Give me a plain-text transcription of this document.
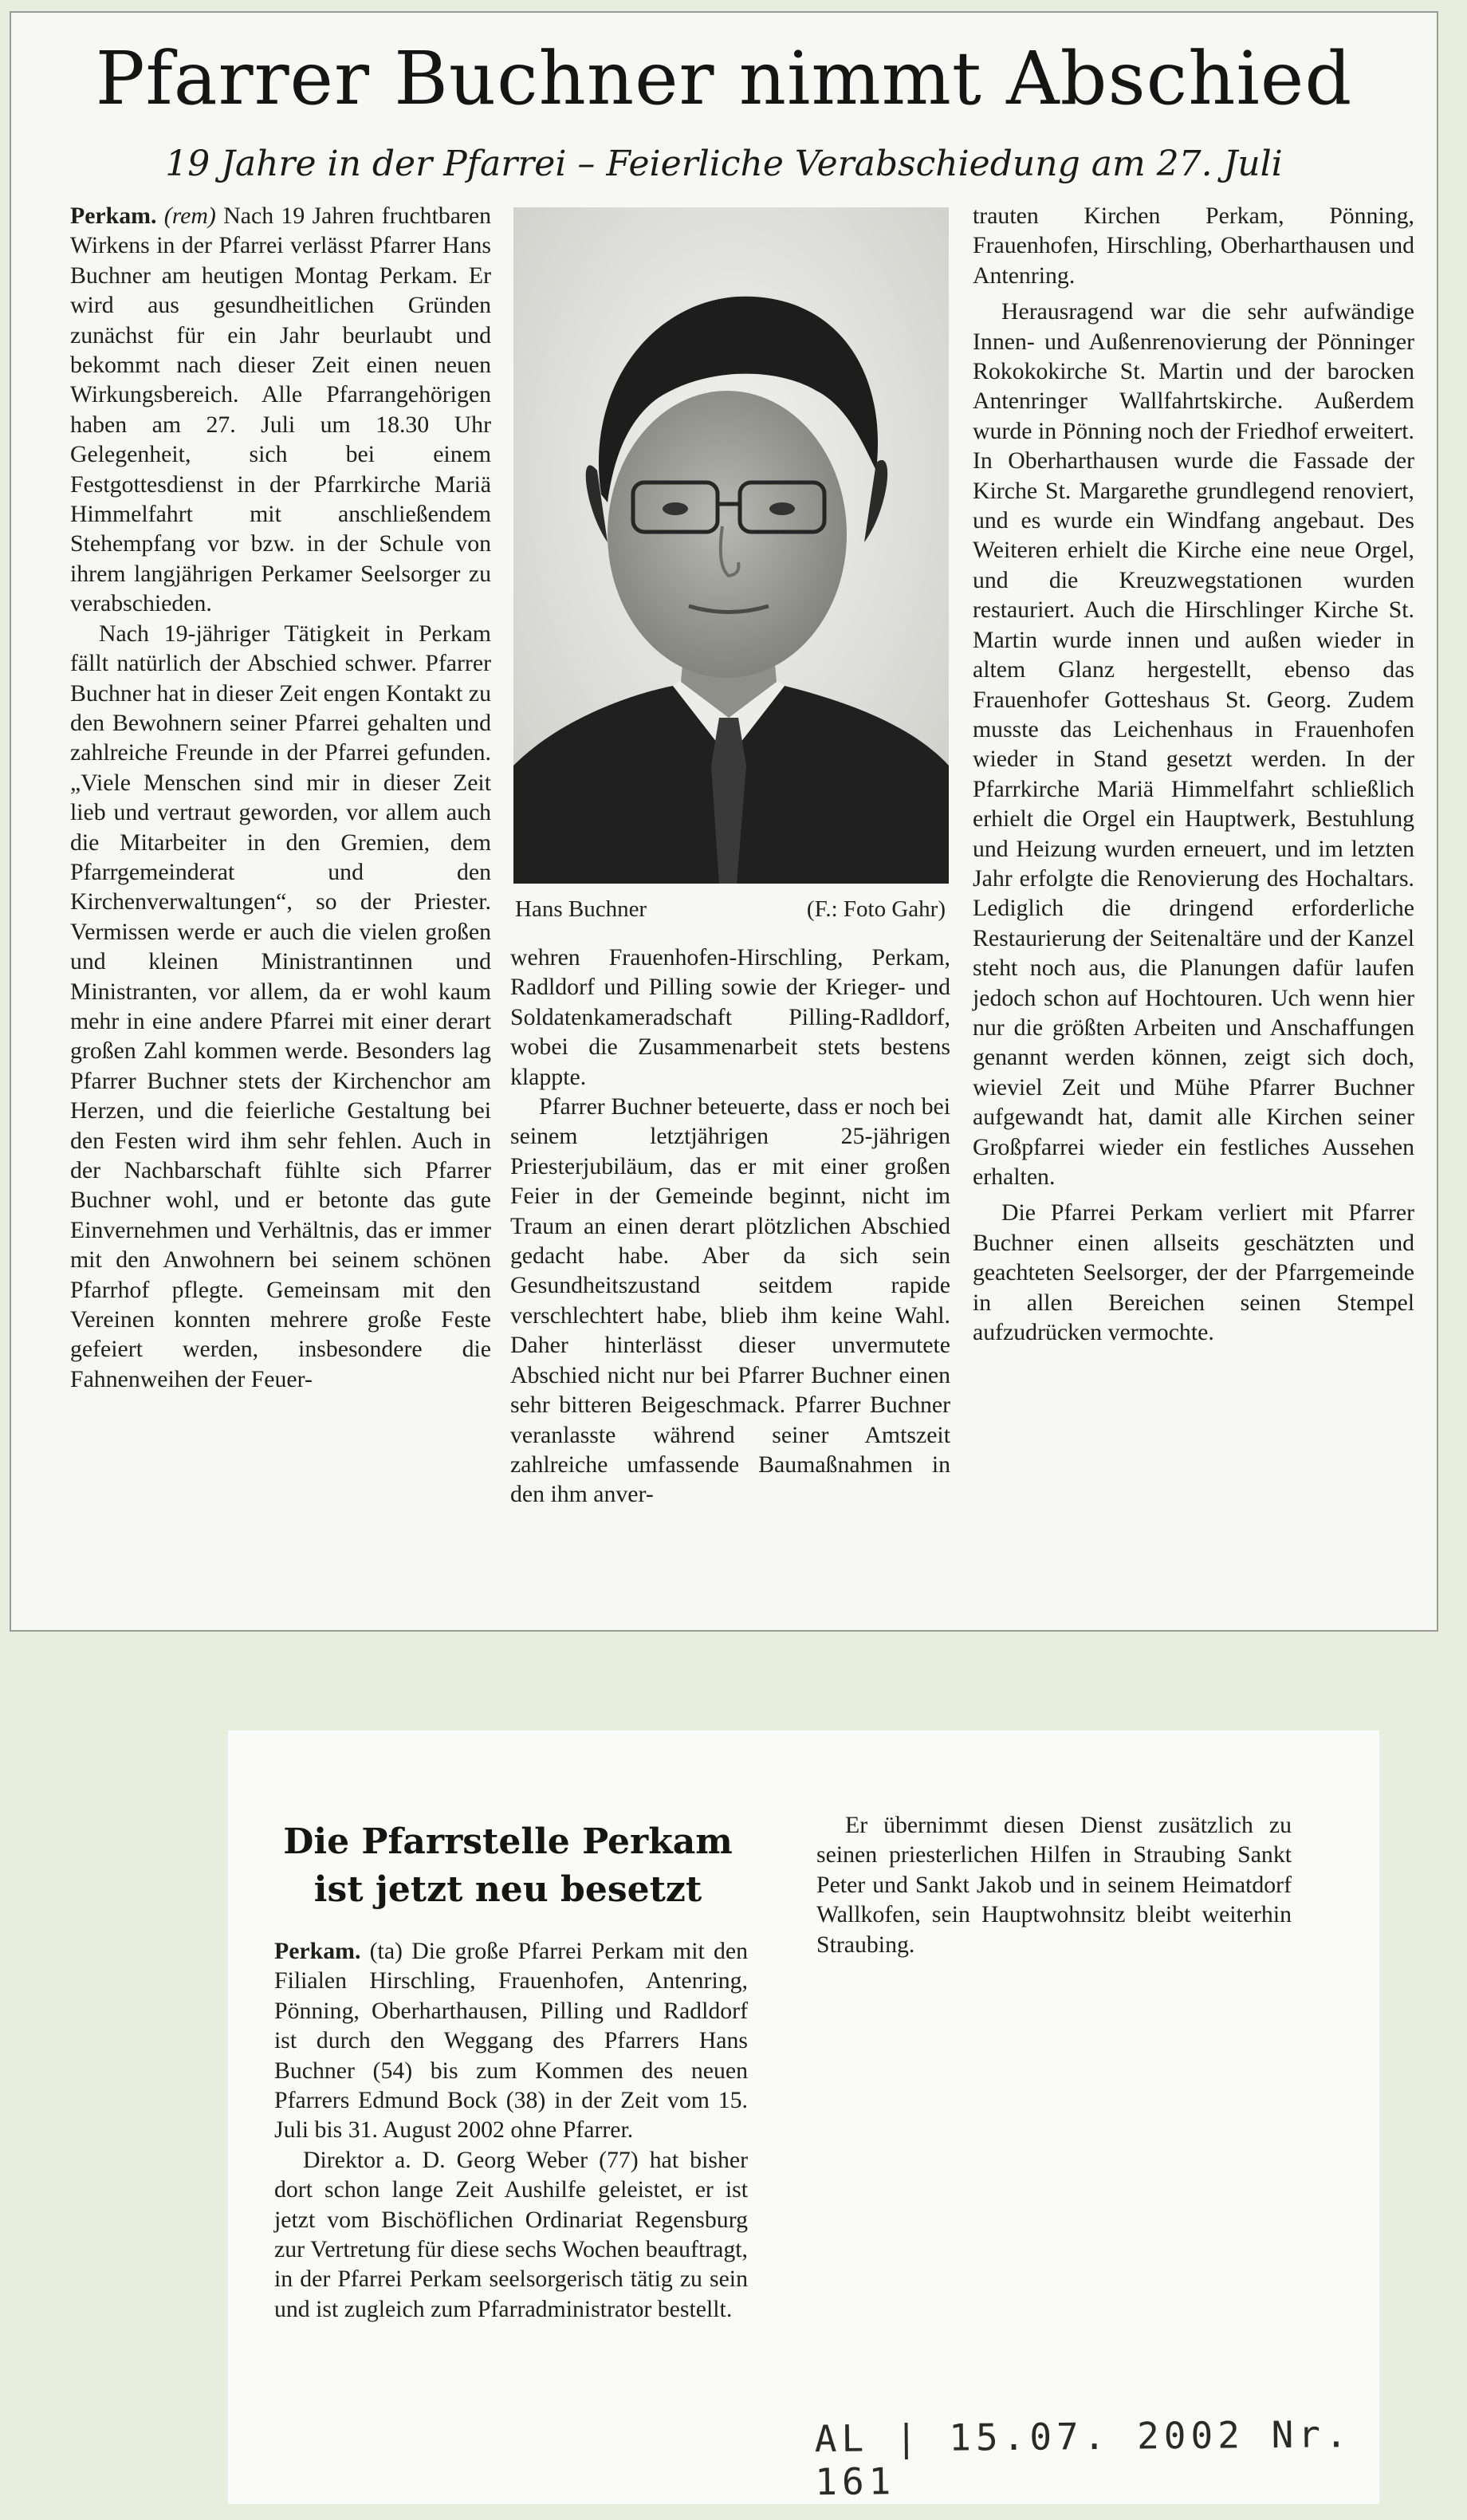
Pfarrer Buchner nimmt Abschied
19 Jahre in der Pfarrei – Feierliche Verabschiedung am 27. Juli

Perkam. (rem) Nach 19 Jahren fruchtbaren Wirkens in der Pfarrei verlässt Pfarrer Hans Buchner am heutigen Montag Perkam. Er wird aus gesundheitlichen Gründen zunächst für ein Jahr beurlaubt und bekommt nach dieser Zeit einen neuen Wirkungsbereich. Alle Pfarrangehörigen haben am 27. Juli um 18.30 Uhr Gelegenheit, sich bei einem Festgottesdienst in der Pfarrkirche Mariä Himmelfahrt mit anschließendem Stehempfang vor bzw. in der Schule von ihrem langjährigen Perkamer Seelsorger zu verabschieden.

Nach 19-jähriger Tätigkeit in Perkam fällt natürlich der Abschied schwer. Pfarrer Buchner hat in dieser Zeit engen Kontakt zu den Bewohnern seiner Pfarrei gehalten und zahlreiche Freunde in der Pfarrei gefunden. „Viele Menschen sind mir in dieser Zeit lieb und vertraut geworden, vor allem auch die Mitarbeiter in den Gremien, dem Pfarrgemeinderat und den Kirchenverwaltungen“, so der Priester. Vermissen werde er auch die vielen großen und kleinen Ministrantinnen und Ministranten, vor allem, da er wohl kaum mehr in eine andere Pfarrei mit einer derart großen Zahl kommen werde. Besonders lag Pfarrer Buchner stets der Kirchenchor am Herzen, und die feierliche Gestaltung bei den Festen wird ihm sehr fehlen. Auch in der Nachbarschaft fühlte sich Pfarrer Buchner wohl, und er betonte das gute Einvernehmen und Verhältnis, das er immer mit den Anwohnern bei seinem schönen Pfarrhof pflegte. Gemeinsam mit den Vereinen konnten mehrere große Feste gefeiert werden, insbesondere die Fahnenweihen der Feuer-

Hans Buchner	(F.: Foto Gahr)

wehren Frauenhofen-Hirschling, Perkam, Radldorf und Pilling sowie der Krieger- und Soldatenkameradschaft Pilling-Radldorf, wobei die Zusammenarbeit stets bestens klappte.

Pfarrer Buchner beteuerte, dass er noch bei seinem letztjährigen 25-jährigen Priesterjubiläum, das er mit einer großen Feier in der Gemeinde beginnt, nicht im Traum an einen derart plötzlichen Abschied gedacht habe. Aber da sich sein Gesundheitszustand seitdem rapide verschlechtert habe, blieb ihm keine Wahl. Daher hinterlässt dieser unvermutete Abschied nicht nur bei Pfarrer Buchner einen sehr bitteren Beigeschmack. Pfarrer Buchner veranlasste während seiner Amtszeit zahlreiche umfassende Baumaßnahmen in den ihm anver-

trauten Kirchen Perkam, Pönning, Frauenhofen, Hirschling, Oberharthausen und Antenring.

Herausragend war die sehr aufwändige Innen- und Außenrenovierung der Pönninger Rokokokirche St. Martin und der barocken Antenringer Wallfahrtskirche. Außerdem wurde in Pönning noch der Friedhof erweitert. In Oberharthausen wurde die Fassade der Kirche St. Margarethe grundlegend renoviert, und es wurde ein Windfang angebaut. Des Weiteren erhielt die Kirche eine neue Orgel, und die Kreuzwegstationen wurden restauriert. Auch die Hirschlinger Kirche St. Martin wurde innen und außen wieder in altem Glanz hergestellt, ebenso das Frauenhofer Gotteshaus St. Georg. Zudem musste das Leichenhaus in Frauenhofen wieder in Stand gesetzt werden. In der Pfarrkirche Mariä Himmelfahrt schließlich erhielt die Orgel ein Hauptwerk, Bestuhlung und Heizung wurden erneuert, und im letzten Jahr erfolgte die Renovierung des Hochaltars. Lediglich die dringend erforderliche Restaurierung der Seitenaltäre und der Kanzel steht noch aus, die Planungen dafür laufen jedoch schon auf Hochtouren. Uch wenn hier nur die größten Arbeiten und Anschaffungen genannt werden können, zeigt sich doch, wieviel Zeit und Mühe Pfarrer Buchner aufgewandt hat, damit alle Kirchen seiner Großpfarrei wieder ein festliches Aussehen erhalten.

Die Pfarrei Perkam verliert mit Pfarrer Buchner einen allseits geschätzten und geachteten Seelsorger, der der Pfarrgemeinde in allen Bereichen seinen Stempel aufzudrücken vermochte.

Die Pfarrstelle Perkam ist jetzt neu besetzt

Perkam. (ta) Die große Pfarrei Perkam mit den Filialen Hirschling, Frauenhofen, Antenring, Pönning, Oberharthausen, Pilling und Radldorf ist durch den Weggang des Pfarrers Hans Buchner (54) bis zum Kommen des neuen Pfarrers Edmund Bock (38) in der Zeit vom 15. Juli bis 31. August 2002 ohne Pfarrer.

Direktor a. D. Georg Weber (77) hat bisher dort schon lange Zeit Aushilfe geleistet, er ist jetzt vom Bischöflichen Ordinariat Regensburg zur Vertretung für diese sechs Wochen beauftragt, in der Pfarrei Perkam seelsorgerisch tätig zu sein und ist zugleich zum Pfarradministrator bestellt.

Er übernimmt diesen Dienst zusätzlich zu seinen priesterlichen Hilfen in Straubing Sankt Peter und Sankt Jakob und in seinem Heimatdorf Wallkofen, sein Hauptwohnsitz bleibt weiterhin Straubing.

AL | 15.07. 2002 Nr. 161
